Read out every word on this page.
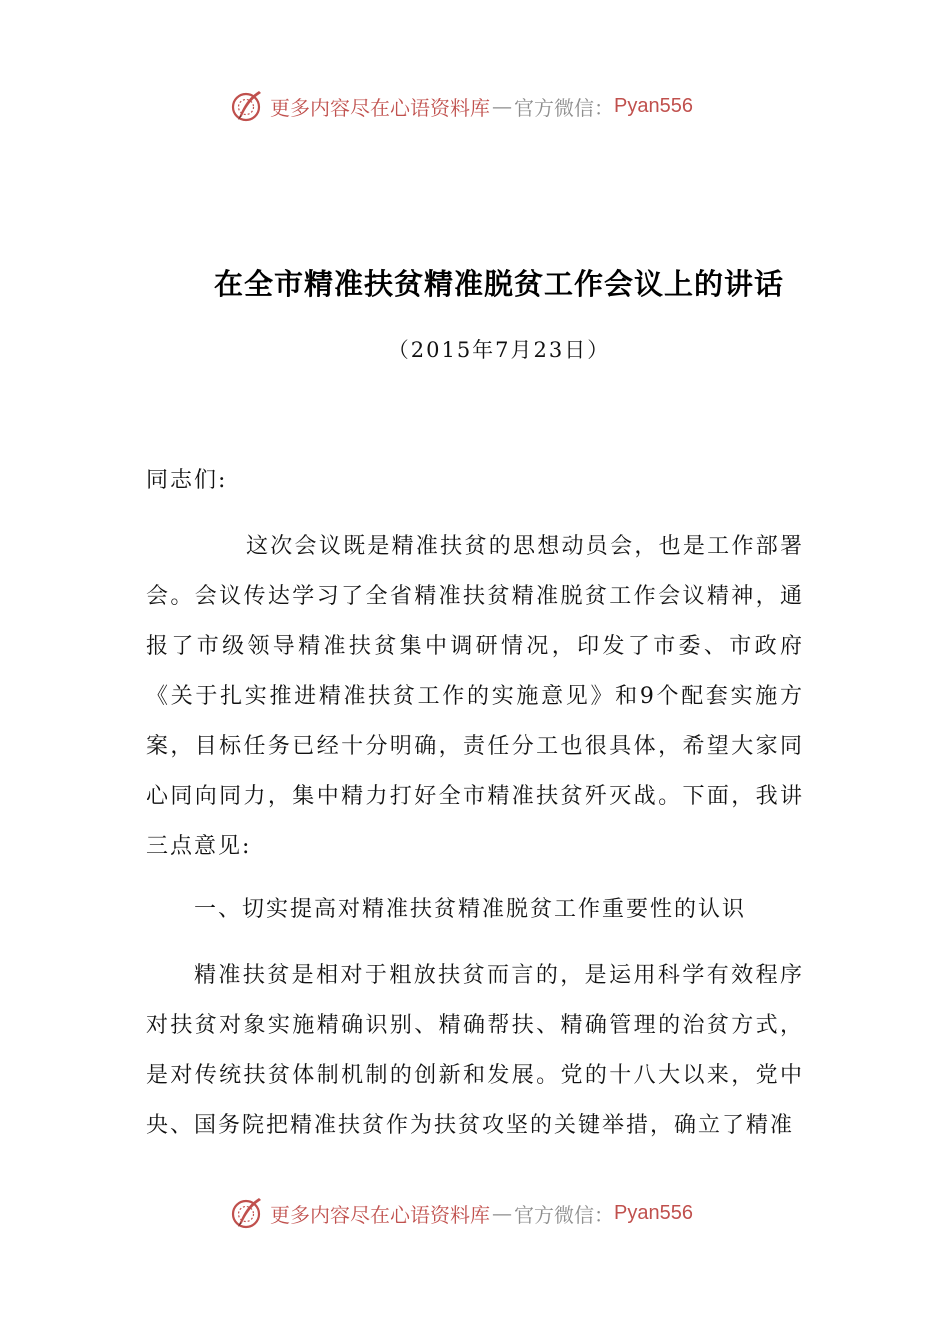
更多内容尽在心语资料库 — 官方微信： Pyan556
在全市精准扶贫精准脱贫工作会议上的讲话
（2015年7月23日）

同志们:

这次会议既是精准扶贫的思想动员会，也是工作部署会。会议传达学习了全省精准扶贫精准脱贫工作会议精神，通报了市级领导精准扶贫集中调研情况，印发了市委、市政府《关于扎实推进精准扶贫工作的实施意见》和9个配套实施方案，目标任务已经十分明确，责任分工也很具体，希望大家同心同向同力，集中精力打好全市精准扶贫歼灭战。下面，我讲三点意见:

一、切实提高对精准扶贫精准脱贫工作重要性的认识

精准扶贫是相对于粗放扶贫而言的，是运用科学有效程序对扶贫对象实施精确识别、精确帮扶、精确管理的治贫方式，是对传统扶贫体制机制的创新和发展。党的十八大以来，党中央、国务院把精准扶贫作为扶贫攻坚的关键举措，确立了精准

更多内容尽在心语资料库 — 官方微信： Pyan556
